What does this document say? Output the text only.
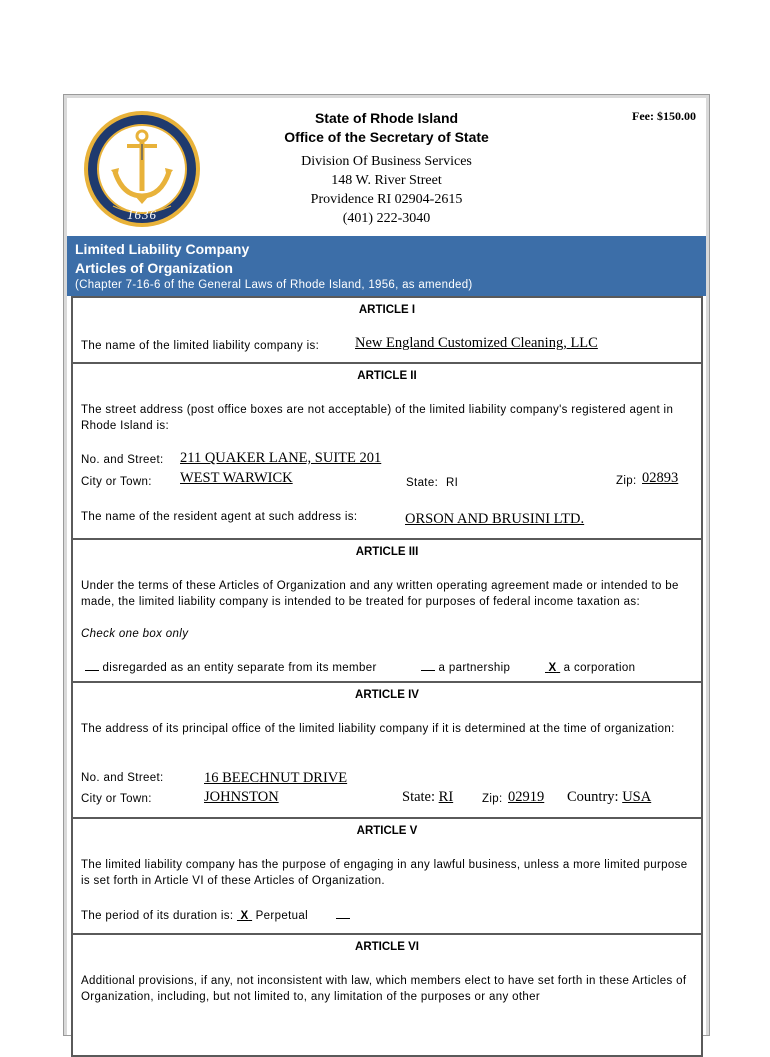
1636
State of Rhode Island
Office of the Secretary of State
Fee: $150.00
Division Of Business Services
148 W. River Street
Providence RI 02904-2615
(401) 222-3040
Limited Liability Company
Articles of Organization
(Chapter 7-16-6 of the General Laws of Rhode Island, 1956, as amended)
ARTICLE I
The name of the limited liability company is: New England Customized Cleaning, LLC
ARTICLE II
The street address (post office boxes are not acceptable) of the limited liability company's registered agent in Rhode Island is:
No. and Street: 211 QUAKER LANE, SUITE 201
City or Town: WEST WARWICK	State: RI	Zip: 02893
The name of the resident agent at such address is:	ORSON AND BRUSINI LTD.
ARTICLE III
Under the terms of these Articles of Organization and any written operating agreement made or intended to be made, the limited liability company is intended to be treated for purposes of federal income taxation as:
Check one box only
disregarded as an entity separate from its member	a partnership	X a corporation
ARTICLE IV
The address of its principal office of the limited liability company if it is determined at the time of organization:
No. and Street:	16 BEECHNUT DRIVE
City or Town:	JOHNSTON	State: RI	Zip: 02919 Country: USA
ARTICLE V
The limited liability company has the purpose of engaging in any lawful business, unless a more limited purpose is set forth in Article VI of these Articles of Organization.
The period of its duration is: X Perpetual
ARTICLE VI
Additional provisions, if any, not inconsistent with law, which members elect to have set forth in these Articles of Organization, including, but not limited to, any limitation of the purposes or any other
